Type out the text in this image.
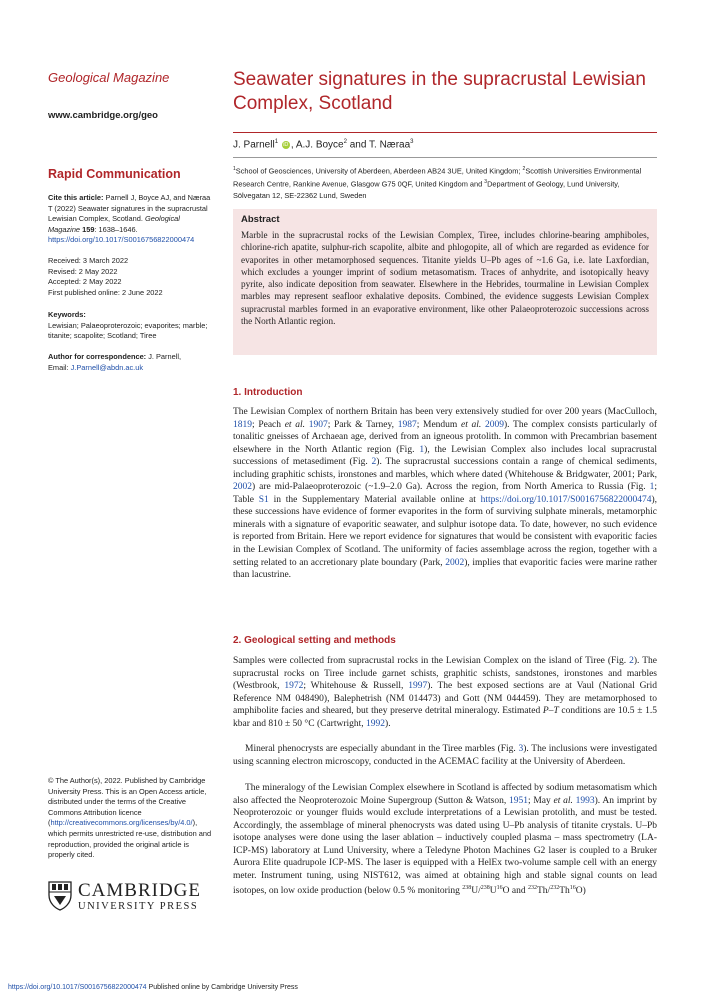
Geological Magazine
www.cambridge.org/geo
Rapid Communication
Cite this article: Parnell J, Boyce AJ, and Nærаa T (2022) Seawater signatures in the supracrustal Lewisian Complex, Scotland. Geological Magazine 159: 1638–1646. https://doi.org/10.1017/S0016756822000474
Received: 3 March 2022
Revised: 2 May 2022
Accepted: 2 May 2022
First published online: 2 June 2022
Keywords:
Lewisian; Palaeoproterozoic; evaporites; marble; titanite; scapolite; Scotland; Tiree
Author for correspondence: J. Parnell,
Email: J.Parnell@abdn.ac.uk
© The Author(s), 2022. Published by Cambridge University Press. This is an Open Access article, distributed under the terms of the Creative Commons Attribution licence (http://creativecommons.org/licenses/by/4.0/), which permits unrestricted re-use, distribution and reproduction, provided the original article is properly cited.
CAMBRIDGE
UNIVERSITY PRESS
Seawater signatures in the supracrustal Lewisian Complex, Scotland
J. Parnell$^1$ iD , A.J. Boyce$^2$ and T. Næraa$^3$
$^1$School of Geosciences, University of Aberdeen, Aberdeen AB24 3UE, United Kingdom; $^2$Scottish Universities Environmental Research Centre, Rankine Avenue, Glasgow G75 0QF, United Kingdom and $^3$Department of Geology, Lund University, Sölvegatan 12, SE-22362 Lund, Sweden
Abstract
Marble in the supracrustal rocks of the Lewisian Complex, Tiree, includes chlorine-bearing amphiboles, chlorine-rich apatite, sulphur-rich scapolite, albite and phlogopite, all of which are regarded as evidence for evaporites in other metamorphosed sequences. Titanite yields U–Pb ages of ~1.6 Ga, i.e. late Laxfordian, which excludes a younger imprint of sodium metasomatism. Traces of anhydrite, and isotopically heavy pyrite, also indicate deposition from seawater. Elsewhere in the Hebrides, tourmaline in Lewisian Complex marbles may represent seafloor exhalative deposits. Combined, the evidence suggests Lewisian Complex supracrustal marbles formed in an evaporative environment, like other Palaeoproterozoic successions across the North Atlantic region.
1. Introduction
The Lewisian Complex of northern Britain has been very extensively studied for over 200 years (MacCulloch, 1819; Peach et al. 1907; Park & Tarney, 1987; Mendum et al. 2009). The complex consists particularly of tonalitic gneisses of Archaean age, derived from an igneous protolith. In common with Precambrian basement elsewhere in the North Atlantic region (Fig. 1), the Lewisian Complex also includes local supracrustal successions of metasediment (Fig. 2). The supracrustal successions contain a range of chemical sediments, including graphitic schists, ironstones and marbles, which where dated (Whitehouse & Bridgwater, 2001; Park, 2002) are mid-Palaeoproterozoic (~1.9–2.0 Ga). Across the region, from North America to Russia (Fig. 1; Table S1 in the Supplementary Material available online at https://doi.org/10.1017/S0016756822000474), these successions have evidence of former evaporites in the form of surviving sulphate minerals, metamorphic minerals with a signature of evaporitic seawater, and sulphur isotope data. To date, however, no such evidence is reported from Britain. Here we report evidence for signatures that would be consistent with evaporitic facies in the Lewisian Complex of Scotland. The uniformity of facies assemblage across the region, together with a setting related to an accretionary plate boundary (Park, 2002), implies that evaporitic facies were marine rather than lacustrine.
2. Geological setting and methods
Samples were collected from supracrustal rocks in the Lewisian Complex on the island of Tiree (Fig. 2). The supracrustal rocks on Tiree include garnet schists, graphitic schists, sandstones, ironstones and marbles (Westbrook, 1972; Whitehouse & Russell, 1997). The best exposed sections are at Vaul (National Grid Reference NM 048490), Balephetrish (NM 014473) and Gott (NM 044459). They are metamorphosed to amphibolite facies and sheared, but they preserve detrital mineralogy. Estimated P–T conditions are 10.5 ± 1.5 kbar and 810 ± 50 °C (Cartwright, 1992).
Mineral phenocrysts are especially abundant in the Tiree marbles (Fig. 3). The inclusions were investigated using scanning electron microscopy, conducted in the ACEMAC facility at the University of Aberdeen.
The mineralogy of the Lewisian Complex elsewhere in Scotland is affected by sodium metasomatism which also affected the Neoproterozoic Moine Supergroup (Sutton & Watson, 1951; May et al. 1993). An imprint by Neoproterozoic or younger fluids would exclude interpretations of a Lewisian protolith, and must be tested. Accordingly, the assemblage of mineral phenocrysts was dated using U–Pb analysis of titanite crystals. U–Pb isotope analyses were done using the laser ablation – inductively coupled plasma – mass spectrometry (LA-ICP-MS) laboratory at Lund University, where a Teledyne Photon Machines G2 laser is coupled to a Bruker Aurora Elite quadrupole ICP-MS. The laser is equipped with a HelEx two-volume sample cell with an energy meter. Instrument tuning, using NIST612, was aimed at obtaining high and stable signal counts on lead isotopes, on low oxide production (below 0.5 % monitoring $^{238}U/^{238}U^{16}O$ and $^{232}$Th/$^{232}$Th$^{16}$O)
https://doi.org/10.1017/S0016756822000474 Published online by Cambridge University Press
